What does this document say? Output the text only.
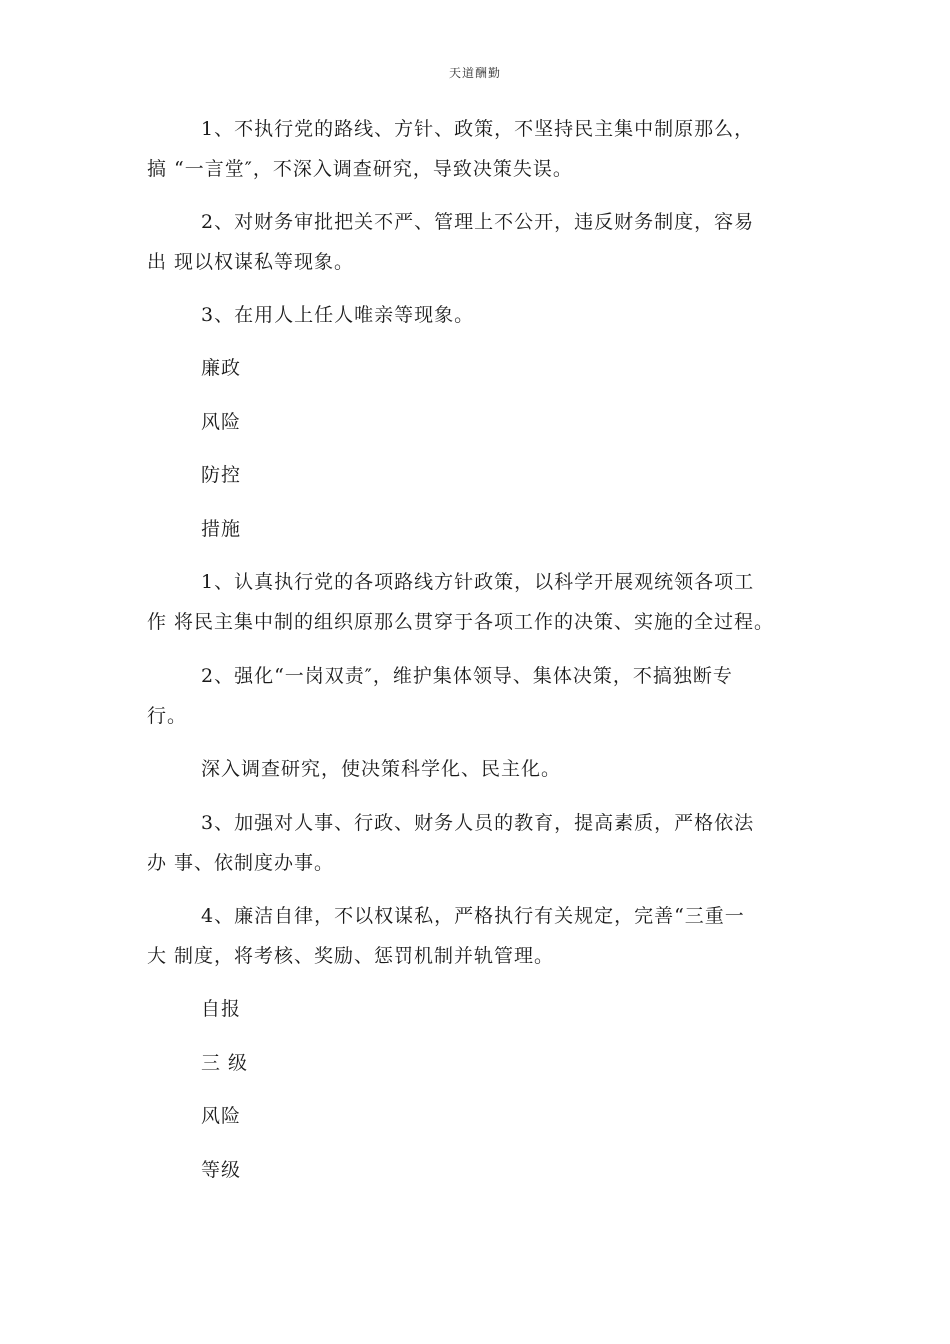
天道酬勤
1、不执行党的路线、方针、政策，不坚持民主集中制原那么，
搞 “一言堂″，不深入调查研究，导致决策失误。
2、对财务审批把关不严、管理上不公开，违反财务制度，容易
出 现以权谋私等现象。
3、在用人上任人唯亲等现象。
廉政
风险
防控
措施
1、认真执行党的各项路线方针政策，以科学开展观统领各项工
作 将民主集中制的组织原那么贯穿于各项工作的决策、实施的全过程。
2、强化“一岗双责″，维护集体领导、集体决策，不搞独断专
行。
深入调查研究，使决策科学化、民主化。
3、加强对人事、行政、财务人员的教育，提高素质，严格依法
办 事、依制度办事。
4、廉洁自律，不以权谋私，严格执行有关规定，完善“三重一
大 制度，将考核、奖励、惩罚机制并轨管理。
自报
三 级
风险
等级
